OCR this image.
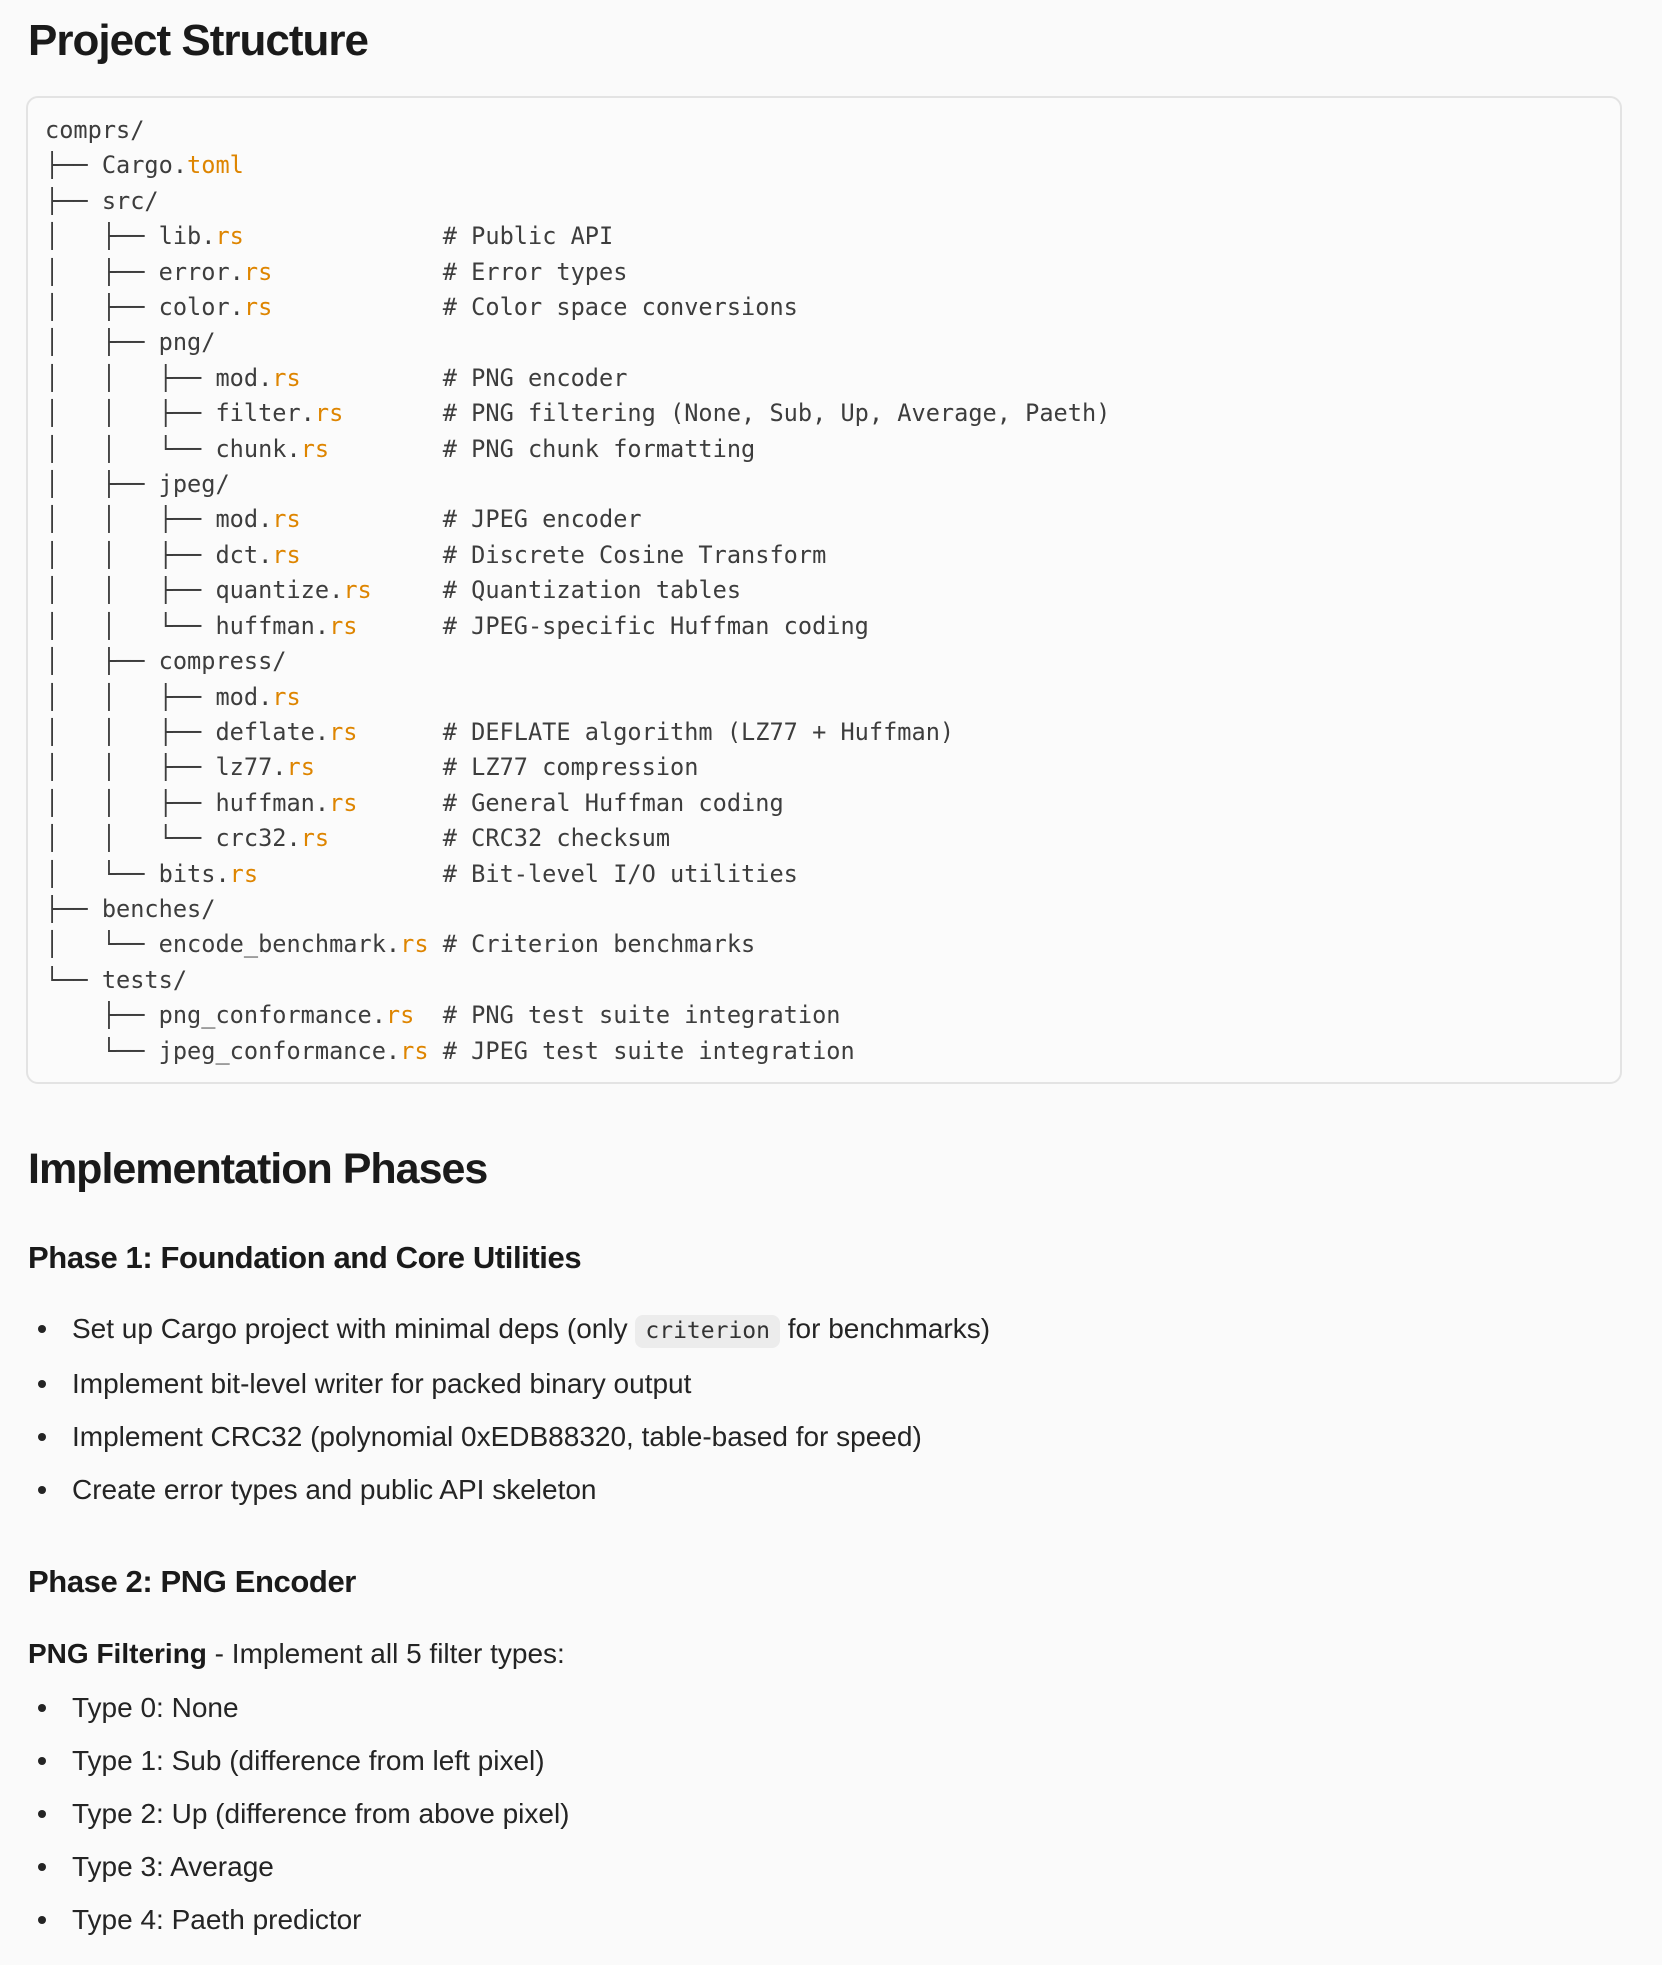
Project Structure
comprs/
├── Cargo.toml
├── src/
│   ├── lib.rs              # Public API
│   ├── error.rs            # Error types
│   ├── color.rs            # Color space conversions
│   ├── png/
│   │   ├── mod.rs          # PNG encoder
│   │   ├── filter.rs       # PNG filtering (None, Sub, Up, Average, Paeth)
│   │   └── chunk.rs        # PNG chunk formatting
│   ├── jpeg/
│   │   ├── mod.rs          # JPEG encoder
│   │   ├── dct.rs          # Discrete Cosine Transform
│   │   ├── quantize.rs     # Quantization tables
│   │   └── huffman.rs      # JPEG-specific Huffman coding
│   ├── compress/
│   │   ├── mod.rs
│   │   ├── deflate.rs      # DEFLATE algorithm (LZ77 + Huffman)
│   │   ├── lz77.rs         # LZ77 compression
│   │   ├── huffman.rs      # General Huffman coding
│   │   └── crc32.rs        # CRC32 checksum
│   └── bits.rs             # Bit-level I/O utilities
├── benches/
│   └── encode_benchmark.rs # Criterion benchmarks
└── tests/
├── png_conformance.rs  # PNG test suite integration
└── jpeg_conformance.rs # JPEG test suite integration
Implementation Phases
Phase 1: Foundation and Core Utilities
Set up Cargo project with minimal deps (only criterion for benchmarks)
Implement bit-level writer for packed binary output
Implement CRC32 (polynomial 0xEDB88320, table-based for speed)
Create error types and public API skeleton
Phase 2: PNG Encoder

PNG Filtering - Implement all 5 filter types:

Type 0: None
Type 1: Sub (difference from left pixel)
Type 2: Up (difference from above pixel)
Type 3: Average
Type 4: Paeth predictor
